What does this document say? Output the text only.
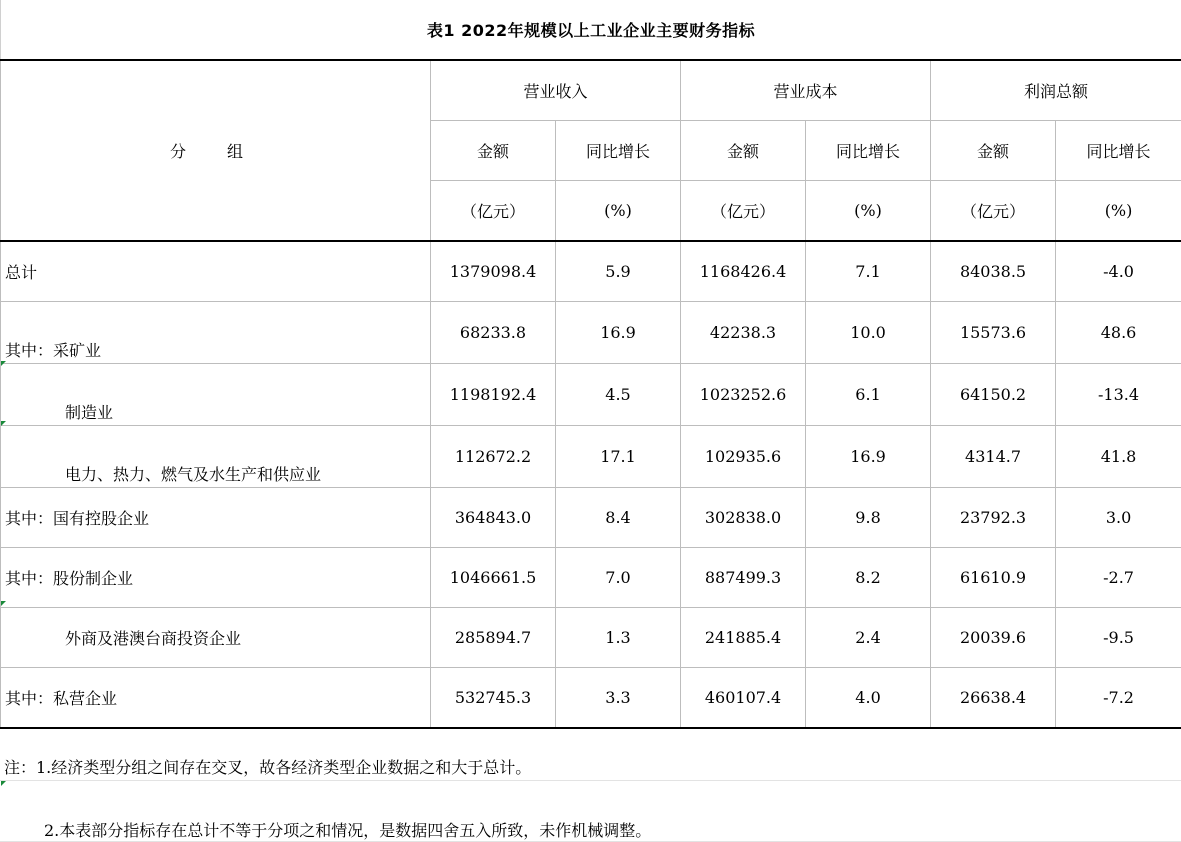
表1 2022年规模以上工业企业主要财务指标
分 组	营业收入		营业成本		利润总额	
	金额	同比增长	金额	同比增长	金额	同比增长
	（亿元）	(%)	（亿元）	(%)	（亿元）	(%)
总计	1379098.4	5.9	1168426.4	7.1	84038.5	-4.0
其中：采矿业	68233.8	16.9	42238.3	10.0	15573.6	48.6
制造业	1198192.4	4.5	1023252.6	6.1	64150.2	-13.4
电力、热力、燃气及水生产和供应业	112672.2	17.1	102935.6	16.9	4314.7	41.8
其中：国有控股企业	364843.0	8.4	302838.0	9.8	23792.3	3.0
其中：股份制企业	1046661.5	7.0	887499.3	8.2	61610.9	-2.7
外商及港澳台商投资企业	285894.7	1.3	241885.4	2.4	20039.6	-9.5
其中：私营企业	532745.3	3.3	460107.4	4.0	26638.4	-7.2
注：1.经济类型分组之间存在交叉，故各经济类型企业数据之和大于总计。
2.本表部分指标存在总计不等于分项之和情况，是数据四舍五入所致，未作机械调整。
